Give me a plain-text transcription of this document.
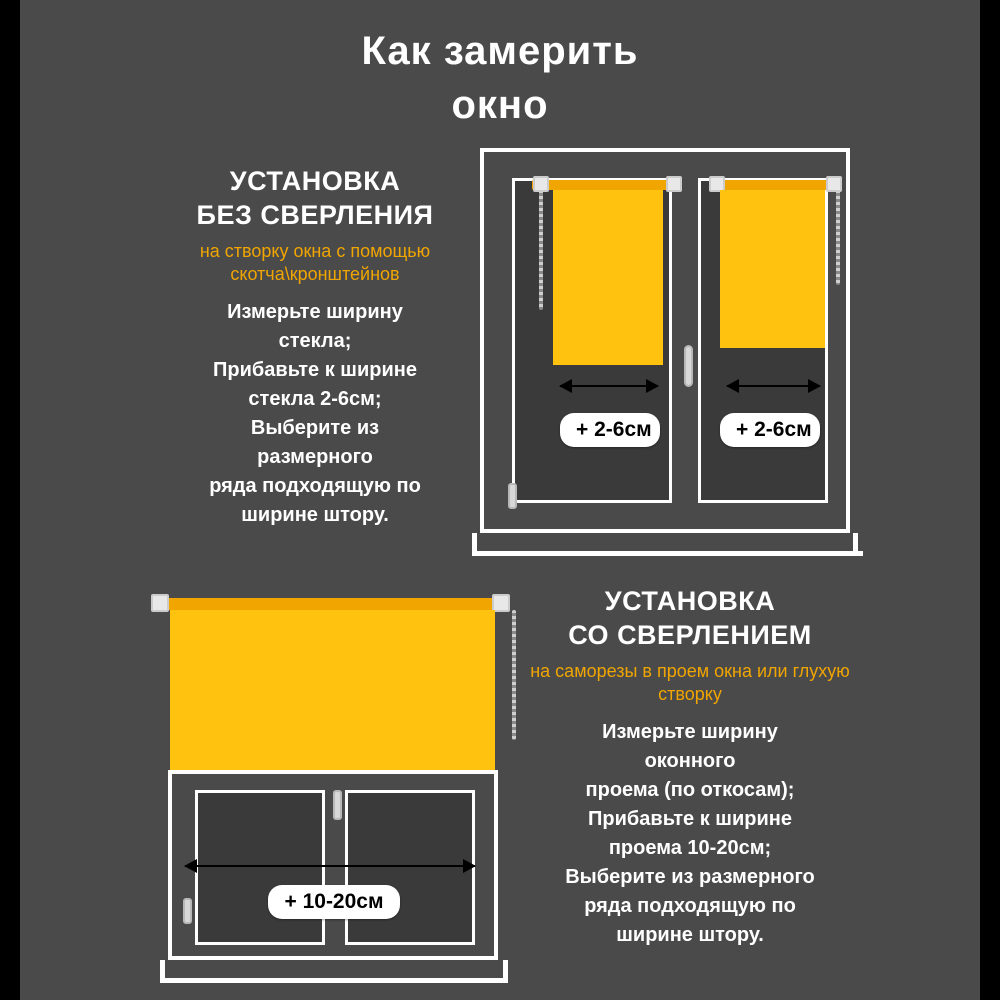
Как замерить
окно
УСТАНОВКА
БЕЗ СВЕРЛЕНИЯ
на створку окна с помощью скотча\кронштейнов
Измерьте ширину
стекла;
Прибавьте к ширине
стекла 2-6см;
Выберите из
размерного
ряда подходящую по
ширине штору.
+ 2-6см	+ 2-6см
УСТАНОВКА
СО СВЕРЛЕНИЕМ
на саморезы в проем окна или глухую створку
Измерьте ширину
оконного
проема (по откосам);
Прибавьте к ширине
проема 10-20см;
Выберите из размерного
ряда подходящую по
ширине штору.
+ 10-20см
